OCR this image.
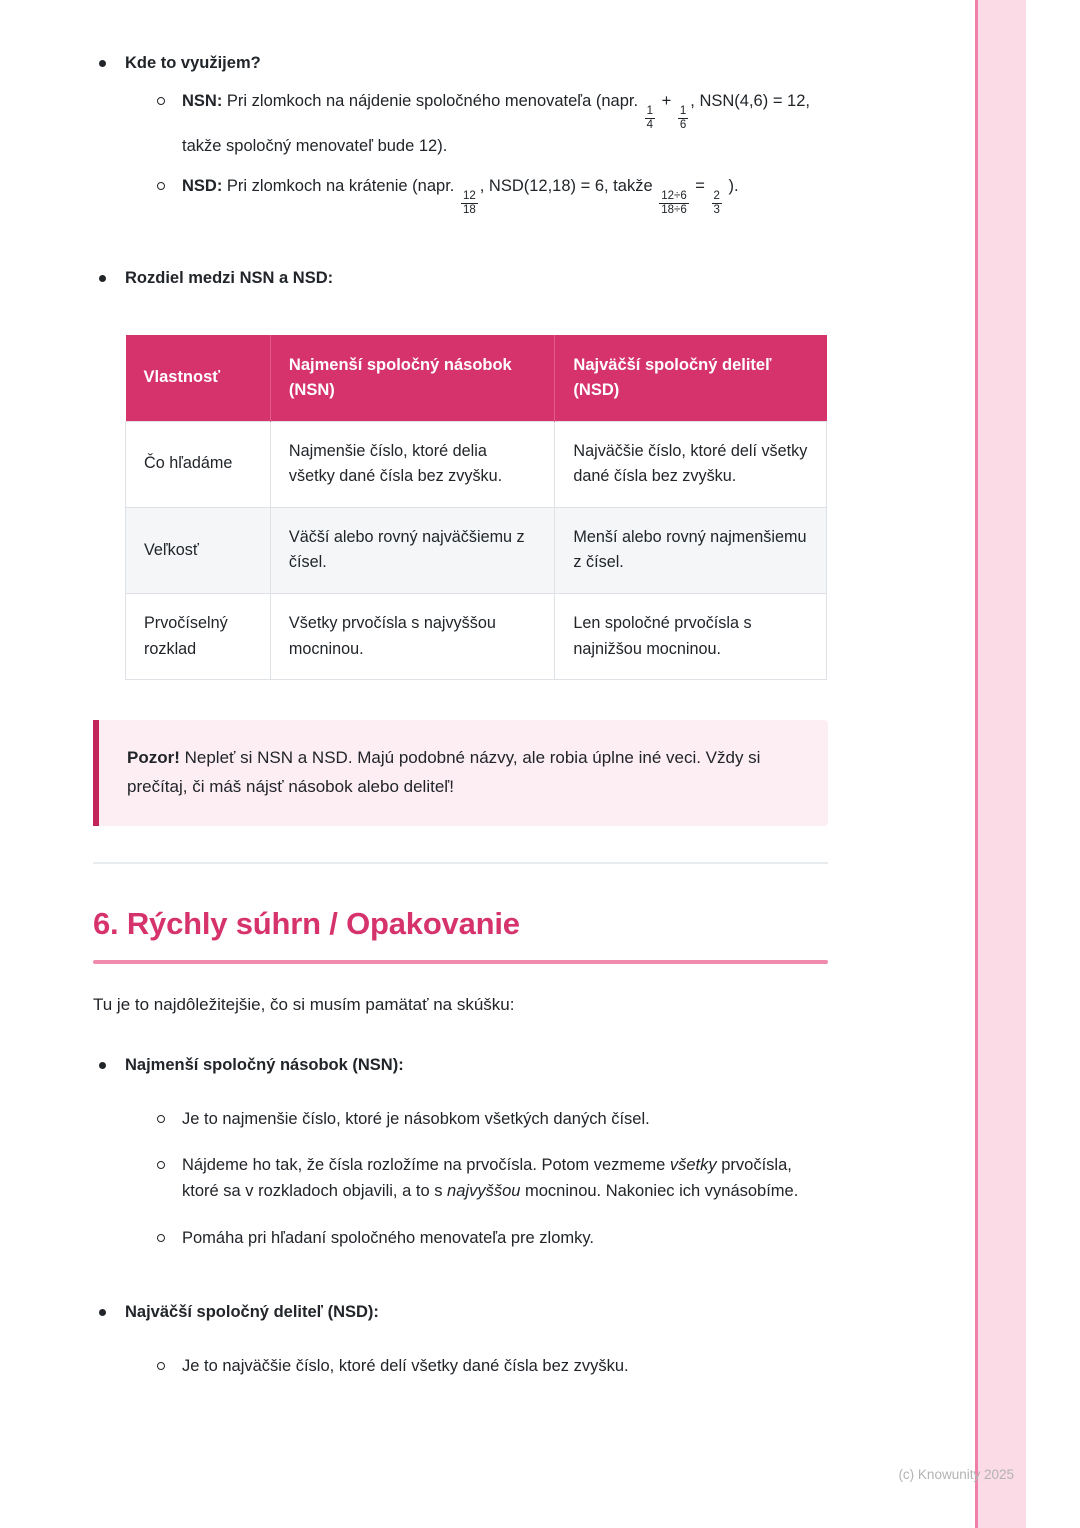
Kde to využijem?

NSN: Pri zlomkoch na nájdenie spoločného menovateľa (napr.
$\frac{1}{4}$
+
$\frac{1}{6}$
, NSN(4,6) = 12, takže spoločný menovateľ bude 12).

NSD: Pri zlomkoch na krátenie (napr.
$\frac{12}{18}$
, NSD(12,18) = 6, takže
$\frac{12\div 6}{18\div 6}$
=
$\frac{2}{3}$
).

Rozdiel medzi NSN a NSD:

Vlastnosť	Najmenší spoločný násobok (NSN)	Najväčší spoločný deliteľ (NSD)
Čo hľadáme	Najmenšie číslo, ktoré delia všetky dané čísla bez zvyšku.	Najväčšie číslo, ktoré delí všetky dané čísla bez zvyšku.
Veľkosť	Väčší alebo rovný najväčšiemu z čísel.	Menší alebo rovný najmenšiemu z čísel.
Prvočíselný rozklad	Všetky prvočísla s najvyššou mocninou.	Len spoločné prvočísla s najnižšou mocninou.

Pozor! Nepleť si NSN a NSD. Majú podobné názvy, ale robia úplne iné veci. Vždy si prečítaj, či máš nájsť násobok alebo deliteľ!

6. Rýchly súhrn / Opakovanie

Tu je to najdôležitejšie, čo si musím pamätať na skúšku:

Najmenší spoločný násobok (NSN):

Je to najmenšie číslo, ktoré je násobkom všetkých daných čísel.

Nájdeme ho tak, že čísla rozložíme na prvočísla. Potom vezmeme všetky prvočísla, ktoré sa v rozkladoch objavili, a to s najvyššou mocninou. Nakoniec ich vynásobíme.

Pomáha pri hľadaní spoločného menovateľa pre zlomky.

Najväčší spoločný deliteľ (NSD):

Je to najväčšie číslo, ktoré delí všetky dané čísla bez zvyšku.

(c) Knowunity 2025
